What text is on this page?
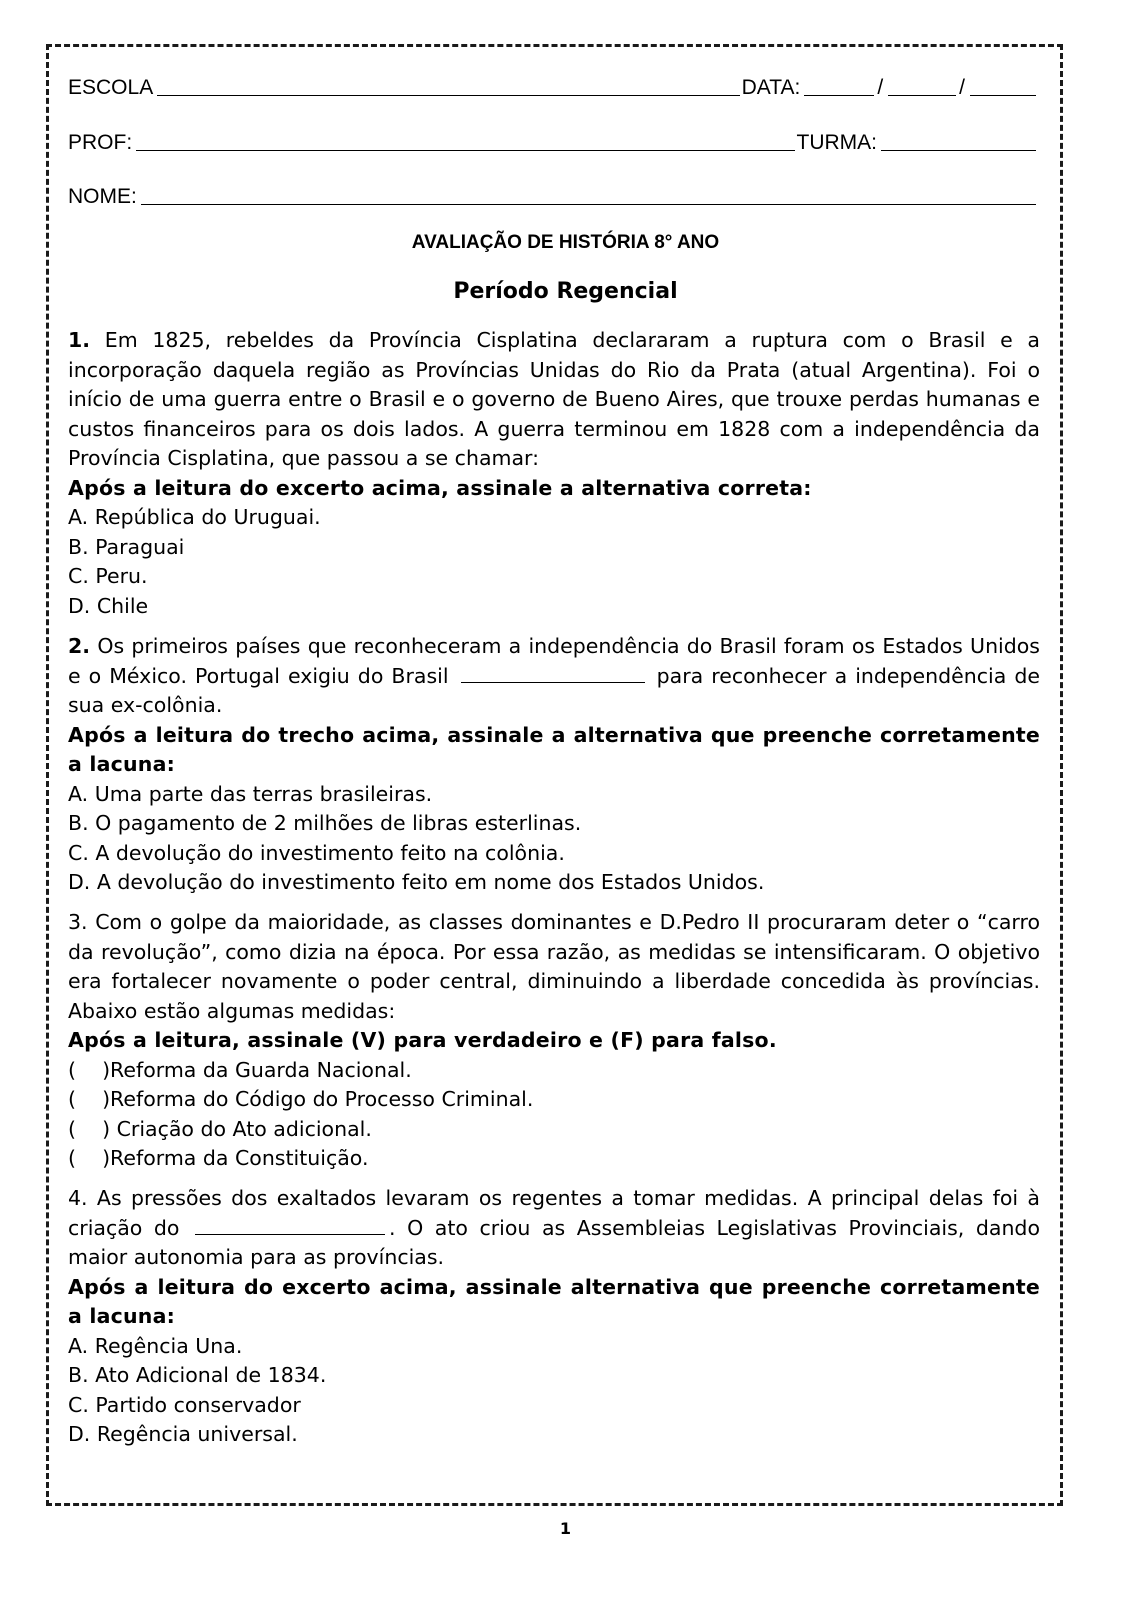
ESCOLA	DATA:	/	/
PROF:	TURMA:
NOME:
AVALIAÇÃO DE HISTÓRIA 8° ANO
Período Regencial

1. Em 1825, rebeldes da Província Cisplatina declararam a ruptura com o Brasil e a incorporação daquela região as Províncias Unidas do Rio da Prata (atual Argentina). Foi o início de uma guerra entre o Brasil e o governo de Bueno Aires, que trouxe perdas humanas e custos financeiros para os dois lados. A guerra terminou em 1828 com a independência da Província Cisplatina, que passou a se chamar:

Após a leitura do excerto acima, assinale a alternativa correta:

A. República do Uruguai.

B. Paraguai

C. Peru.

D. Chile

2. Os primeiros países que reconheceram a independência do Brasil foram os Estados Unidos e o México. Portugal exigiu do Brasil	para reconhecer a independência de sua ex-colônia.

Após a leitura do trecho acima, assinale a alternativa que preenche corretamente a lacuna:

A. Uma parte das terras brasileiras.

B. O pagamento de 2 milhões de libras esterlinas.

C. A devolução do investimento feito na colônia.

D. A devolução do investimento feito em nome dos Estados Unidos.

3. Com o golpe da maioridade, as classes dominantes e D.Pedro II procuraram deter o “carro da revolução”, como dizia na época. Por essa razão, as medidas se intensificaram. O objetivo era fortalecer novamente o poder central, diminuindo a liberdade concedida às províncias. Abaixo estão algumas medidas:

Após a leitura, assinale (V) para verdadeiro e (F) para falso.

(    )Reforma da Guarda Nacional.

(    )Reforma do Código do Processo Criminal.

(    ) Criação do Ato adicional.

(    )Reforma da Constituição.

4. As pressões dos exaltados levaram os regentes a tomar medidas. A principal delas foi à criação do	. O ato criou as Assembleias Legislativas Provinciais, dando maior autonomia para as províncias.

Após a leitura do excerto acima, assinale alternativa que preenche corretamente a lacuna:

A. Regência Una.

B. Ato Adicional de 1834.

C. Partido conservador

D. Regência universal.

1
